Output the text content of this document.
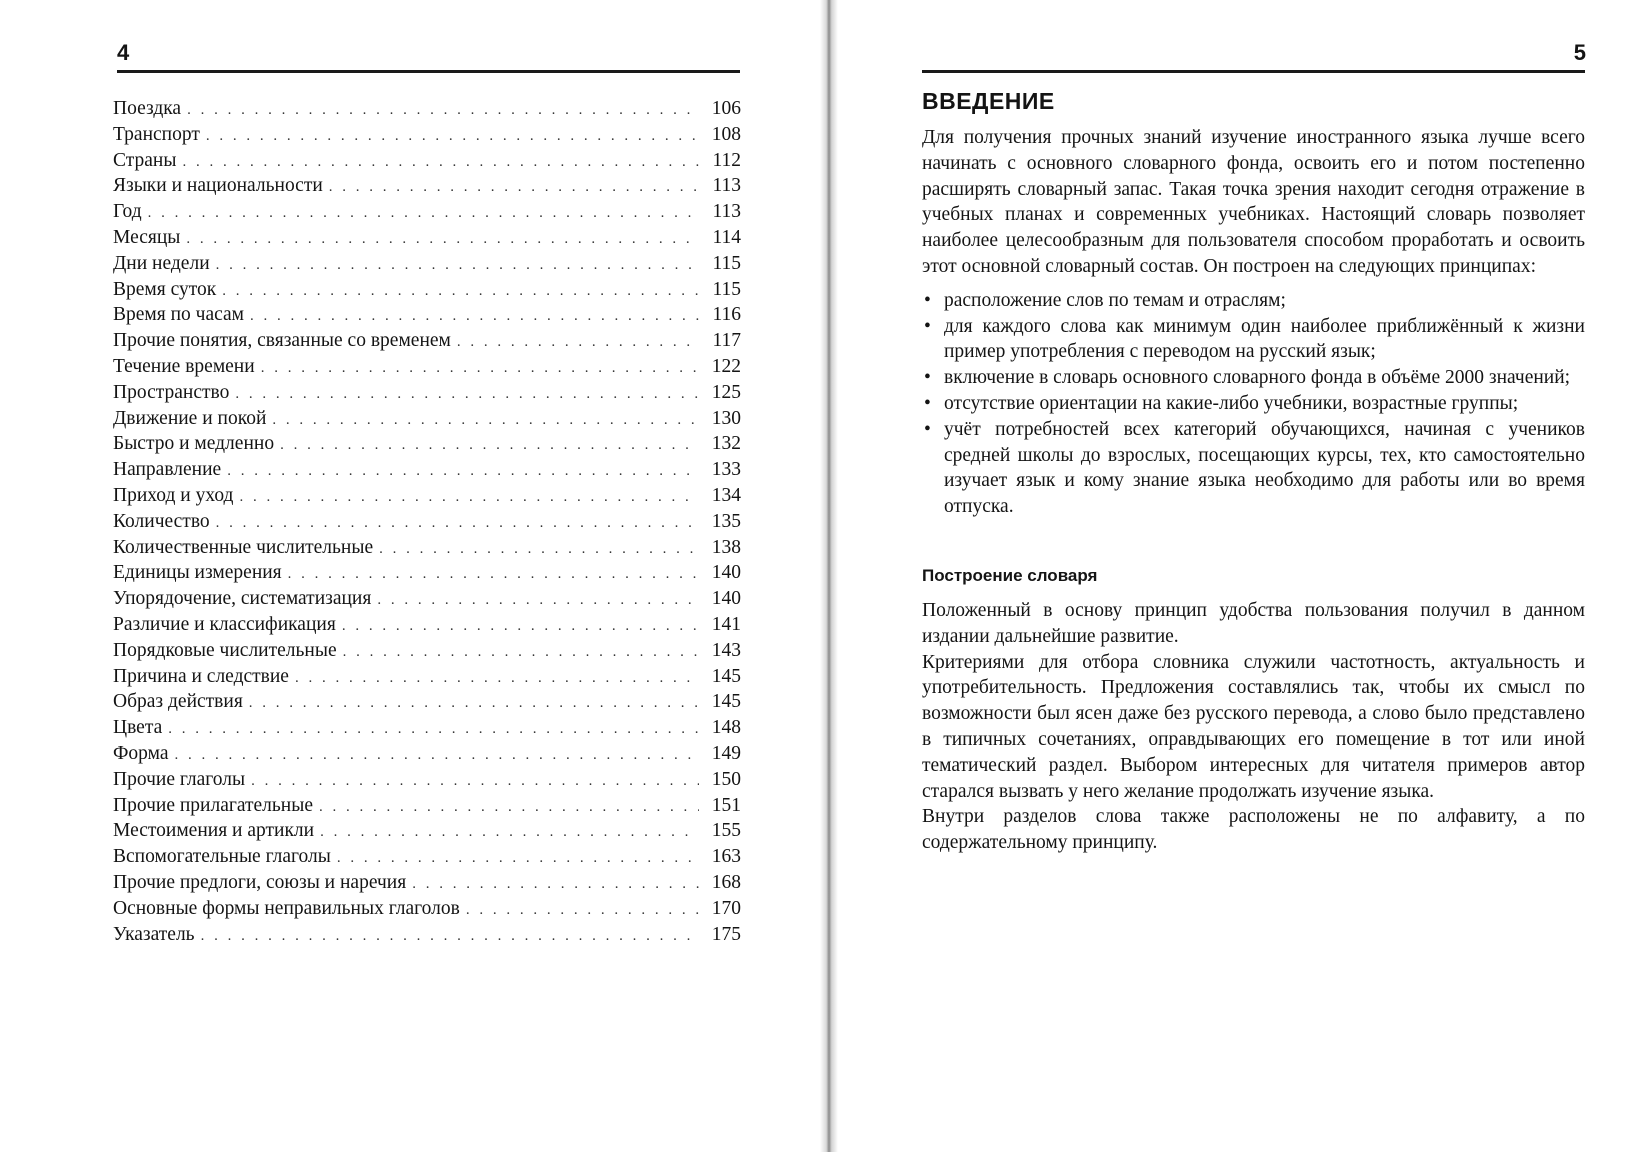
4
Поездка . . .	106
Транспорт . . .	108
Страны . . .	112
Языки и национальности . . .	113
Год . . .	113
Месяцы . . .	114
Дни недели . . .	115
Время суток . . .	115
Время по часам . . .	116
Прочие понятия, связанные со временем . . .	117
Течение времени . . .	122
Пространство . . .	125
Движение и покой . . .	130
Быстро и медленно . . .	132
Направление . . .	133
Приход и уход . . .	134
Количество . . .	135
Количественные числительные . . .	138
Единицы измерения . . .	140
Упорядочение, систематизация . . .	140
Различие и классификация . . .	141
Порядковые числительные . . .	143
Причина и следствие . . .	145
Образ действия . . .	145
Цвета . . .	148
Форма . . .	149
Прочие глаголы . . .	150
Прочие прилагательные . . .	151
Местоимения и артикли . . .	155
Вспомогательные глаголы . . .	163
Прочие предлоги, союзы и наречия . . .	168
Основные формы неправильных глаголов . . .	170
Указатель . . .	175
5
ВВЕДЕНИЕ

Для получения прочных знаний изучение иностранного языка лучше всего начинать с основного словарного фонда, освоить его и потом постепенно расширять словарный запас. Такая точка зрения находит сегодня отражение в учебных планах и современных учебниках. Настоящий словарь позволяет наиболее целесообразным для пользователя способом проработать и освоить этот основной словарный состав. Он построен на следующих принципах:

• расположение слов по темам и отраслям;
• для каждого слова как минимум один наиболее приближённый к жизни пример употребления с переводом на русский язык;
• включение в словарь основного словарного фонда в объёме 2000 значений;
• отсутствие ориентации на какие-либо учебники, возрастные группы;
• учёт потребностей всех категорий обучающихся, начиная с учеников средней школы до взрослых, посещающих курсы, тех, кто самостоятельно изучает язык и кому знание языка необходимо для работы или во время отпуска.
Построение словаря

Положенный в основу принцип удобства пользования получил в данном издании дальнейшие развитие.

Критериями для отбора словника служили частотность, актуальность и употребительность. Предложения составлялись так, чтобы их смысл по возможности был ясен даже без русского перевода, а слово было представлено в типичных сочетаниях, оправдывающих его помещение в тот или иной тематический раздел. Выбором интересных для читателя примеров автор старался вызвать у него желание продолжать изучение языка.

Внутри разделов слова также расположены не по алфавиту, а по содержательному принципу.
